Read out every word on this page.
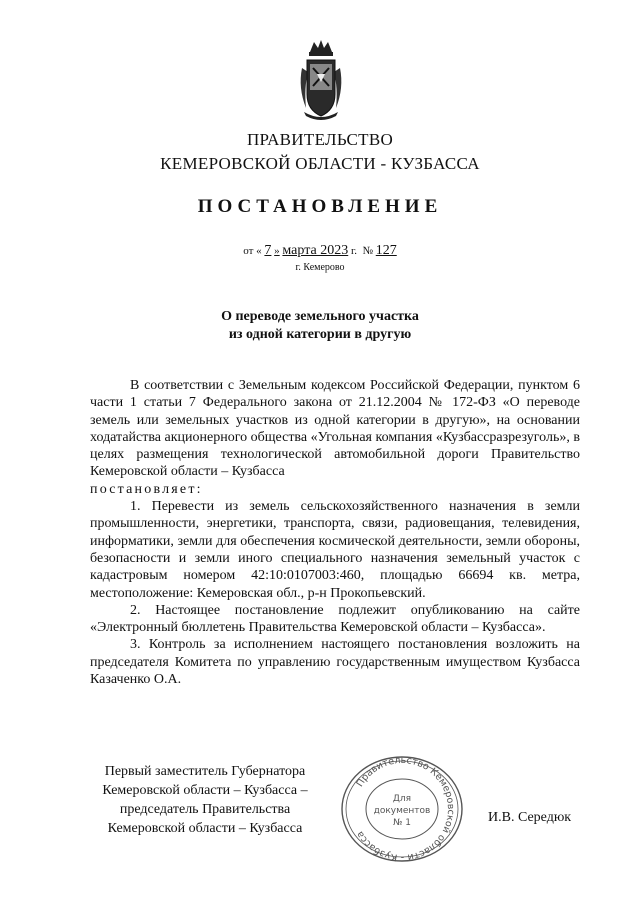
ПРАВИТЕЛЬСТВО
КЕМЕРОВСКОЙ ОБЛАСТИ - КУЗБАССА
ПОСТАНОВЛЕНИЕ
от « 7 » марта 2023 г. № 127
г. Кемерово
О переводе земельного участка
из одной категории в другую

В соответствии с Земельным кодексом Российской Федерации, пунктом 6 части 1 статьи 7 Федерального закона от 21.12.2004 № 172-ФЗ «О переводе земель или земельных участков из одной категории в другую», на основании ходатайства акционерного общества «Угольная компания «Кузбассразрезуголь», в целях размещения технологической автомобильной дороги Правительство Кемеровской области – Кузбасса

постановляет:

1. Перевести из земель сельскохозяйственного назначения в земли промышленности, энергетики, транспорта, связи, радиовещания, телевидения, информатики, земли для обеспечения космической деятельности, земли обороны, безопасности и земли иного специального назначения земельный участок с кадастровым номером 42:10:0107003:460, площадью 66694 кв. метра, местоположение: Кемеровская обл., р-н Прокопьевский.

2. Настоящее постановление подлежит опубликованию на сайте «Электронный бюллетень Правительства Кемеровской области – Кузбасса».

3. Контроль за исполнением настоящего постановления возложить на председателя Комитета по управлению государственным имуществом Кузбасса Казаченко О.А.

Первый заместитель Губернатора
Кемеровской области – Кузбасса –
председатель Правительства
Кемеровской области – Кузбасса
Правительство Кемеровской области - Кузбасса
Для
документов
№ 1	И.В. Середюк
